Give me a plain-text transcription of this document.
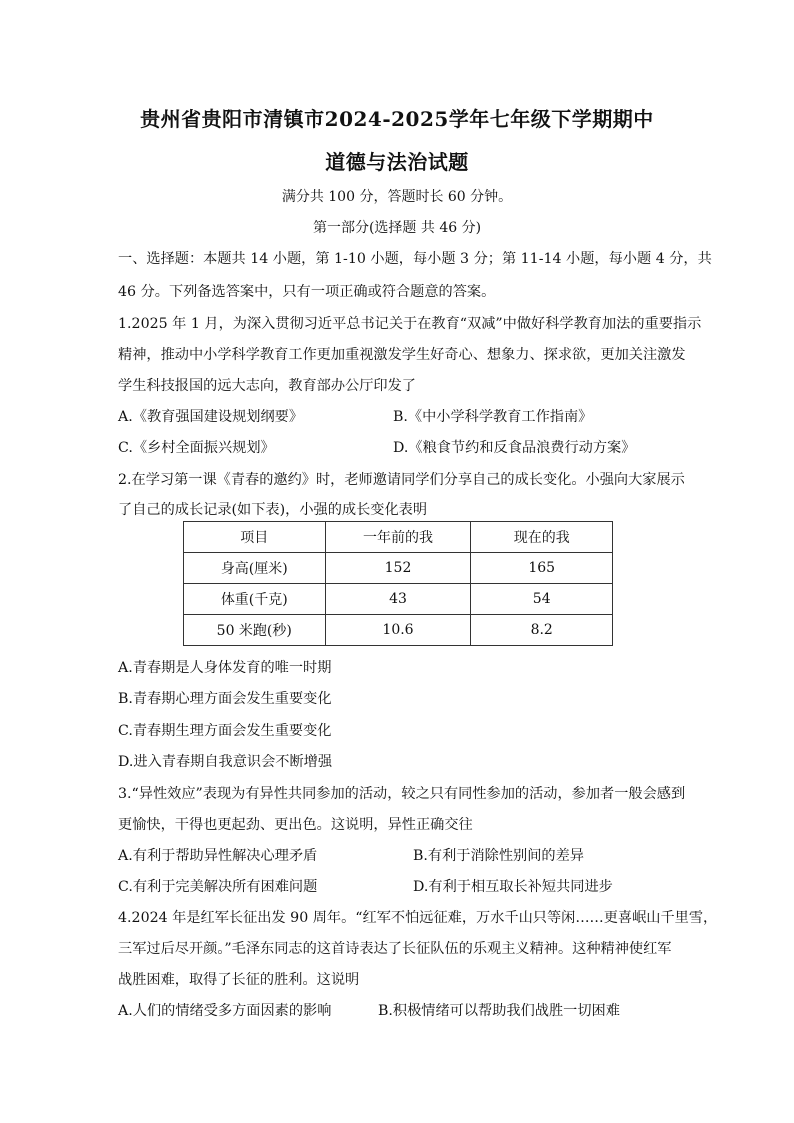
贵州省贵阳市清镇市2024-2025学年七年级下学期期中
道德与法治试题
满分共 100 分，答题时长 60 分钟。
第一部分(选择题 共 46 分)
一、选择题：本题共 14 小题，第 1-10 小题，每小题 3 分；第 11-14 小题，每小题 4 分，共
46 分。下列备选答案中，只有一项正确或符合题意的答案。
1.2025 年 1 月，为深入贯彻习近平总书记关于在教育“双减”中做好科学教育加法的重要指示
精神，推动中小学科学教育工作更加重视激发学生好奇心、想象力、探求欲，更加关注激发
学生科技报国的远大志向，教育部办公厅印发了
A.《教育强国建设规划纲要》	B.《中小学科学教育工作指南》
C.《乡村全面振兴规划》	D.《粮食节约和反食品浪费行动方案》
2.在学习第一课《青春的邀约》时，老师邀请同学们分享自己的成长变化。小强向大家展示
了自己的成长记录(如下表)，小强的成长变化表明
项目	一年前的我	现在的我
身高(厘米)	152	165
体重(千克)	43	54
50 米跑(秒)	10.6	8.2
A.青春期是人身体发育的唯一时期
B.青春期心理方面会发生重要变化
C.青春期生理方面会发生重要变化
D.进入青春期自我意识会不断增强
3.“异性效应”表现为有异性共同参加的活动，较之只有同性参加的活动，参加者一般会感到
更愉快，干得也更起劲、更出色。这说明，异性正确交往
A.有利于帮助异性解决心理矛盾	B.有利于消除性别间的差异
C.有利于完美解决所有困难问题	D.有利于相互取长补短共同进步
4.2024 年是红军长征出发 90 周年。“红军不怕远征难，万水千山只等闲……更喜岷山千里雪，
三军过后尽开颜。”毛泽东同志的这首诗表达了长征队伍的乐观主义精神。这种精神使红军
战胜困难，取得了长征的胜利。这说明
A.人们的情绪受多方面因素的影响	B.积极情绪可以帮助我们战胜一切困难
